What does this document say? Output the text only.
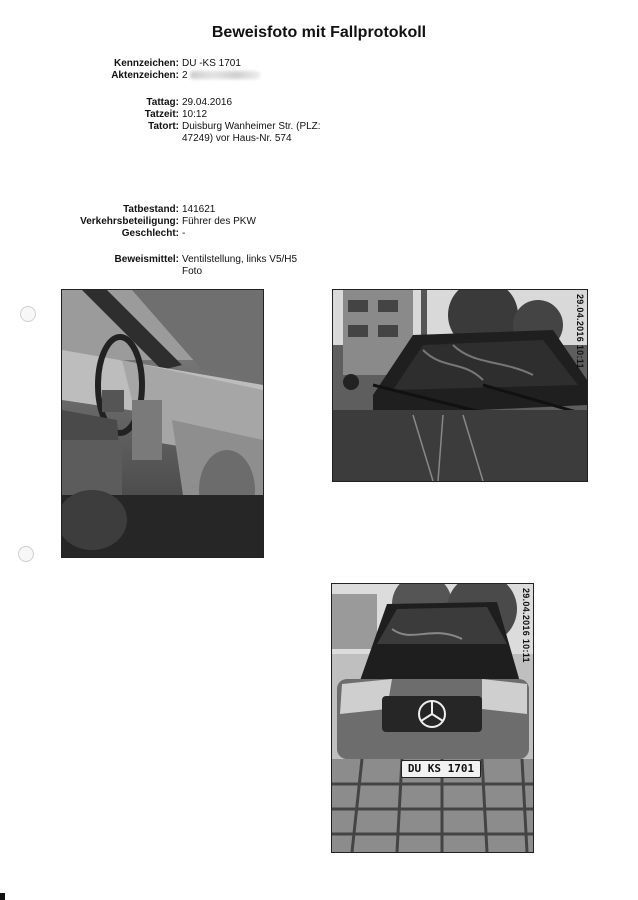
Beweisfoto mit Fallprotokoll
Kennzeichen: DU -KS 1701
Aktenzeichen: 2
Tattag: 29.04.2016
Tatzeit: 10:12
Tatort: Duisburg Wanheimer Str. (PLZ:
47249) vor Haus-Nr. 574
Tatbestand: 141621
Verkehrsbeteiligung: Führer des PKW
Geschlecht: -
Beweismittel: Ventilstellung, links V5/H5
Foto
29.04.2016 10:11
DU KS 1701
29.04.2016 10:11
